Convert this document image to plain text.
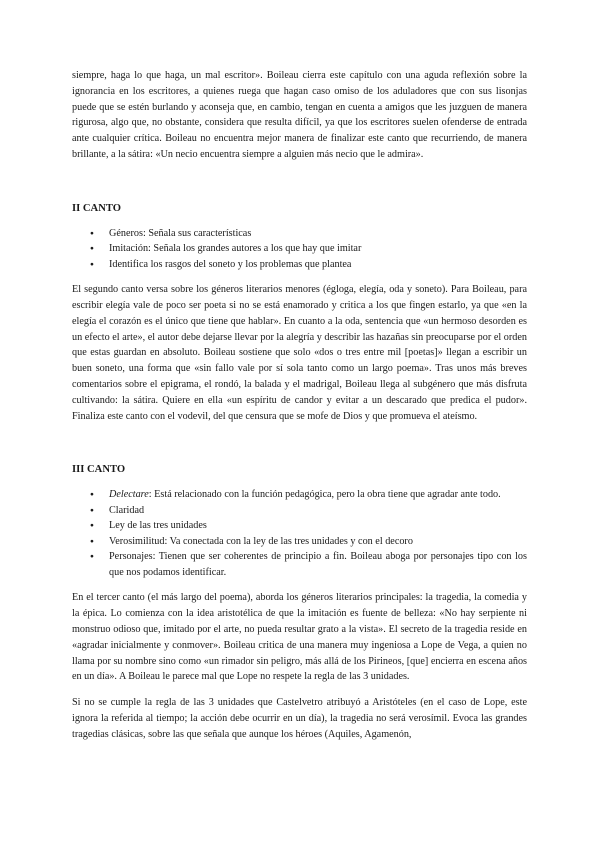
siempre, haga lo que haga, un mal escritor». Boileau cierra este capítulo con una aguda reflexión sobre la ignorancia en los escritores, a quienes ruega que hagan caso omiso de los aduladores que con sus lisonjas puede que se estén burlando y aconseja que, en cambio, tengan en cuenta a amigos que les juzguen de manera rigurosa, algo que, no obstante, considera que resulta difícil, ya que los escritores suelen ofenderse de entrada ante cualquier crítica. Boileau no encuentra mejor manera de finalizar este canto que recurriendo, de manera brillante, a la sátira: «Un necio encuentra siempre a alguien más necio que le admira».

II CANTO
● Géneros: Señala sus características
● Imitación: Señala los grandes autores a los que hay que imitar
● Identifica los rasgos del soneto y los problemas que plantea

El segundo canto versa sobre los géneros literarios menores (égloga, elegía, oda y soneto). Para Boileau, para escribir elegía vale de poco ser poeta si no se está enamorado y critica a los que fingen estarlo, ya que «en la elegía el corazón es el único que tiene que hablar». En cuanto a la oda, sentencia que «un hermoso desorden es un efecto el arte», el autor debe dejarse llevar por la alegría y describir las hazañas sin preocuparse por el orden que estas guardan en absoluto. Boileau sostiene que solo «dos o tres entre mil [poetas]» llegan a escribir un buen soneto, una forma que «sin fallo vale por sí sola tanto como un largo poema». Tras unos más breves comentarios sobre el epigrama, el rondó, la balada y el madrigal, Boileau llega al subgénero que más disfruta cultivando: la sátira. Quiere en ella «un espíritu de candor y evitar a un descarado que predica el pudor». Finaliza este canto con el vodevil, del que censura que se mofe de Dios y que promueva el ateísmo.

III CANTO
● Delectare: Está relacionado con la función pedagógica, pero la obra tiene que agradar ante todo.
● Claridad
● Ley de las tres unidades
● Verosimilitud: Va conectada con la ley de las tres unidades y con el decoro
● Personajes: Tienen que ser coherentes de principio a fin. Boileau aboga por personajes tipo con los que nos podamos identificar.

En el tercer canto (el más largo del poema), aborda los géneros literarios principales: la tragedia, la comedia y la épica. Lo comienza con la idea aristotélica de que la imitación es fuente de belleza: «No hay serpiente ni monstruo odioso que, imitado por el arte, no pueda resultar grato a la vista». El secreto de la tragedia reside en «agradar inicialmente y conmover». Boileau critica de una manera muy ingeniosa a Lope de Vega, a quien no llama por su nombre sino como «un rimador sin peligro, más allá de los Pirineos, [que] encierra en escena años en un día». A Boileau le parece mal que Lope no respete la regla de las 3 unidades.

Si no se cumple la regla de las 3 unidades que Castelvetro atribuyó a Aristóteles (en el caso de Lope, este ignora la referida al tiempo; la acción debe ocurrir en un día), la tragedia no será verosímil. Evoca las grandes tragedias clásicas, sobre las que señala que aunque los héroes (Aquiles, Agamenón,
